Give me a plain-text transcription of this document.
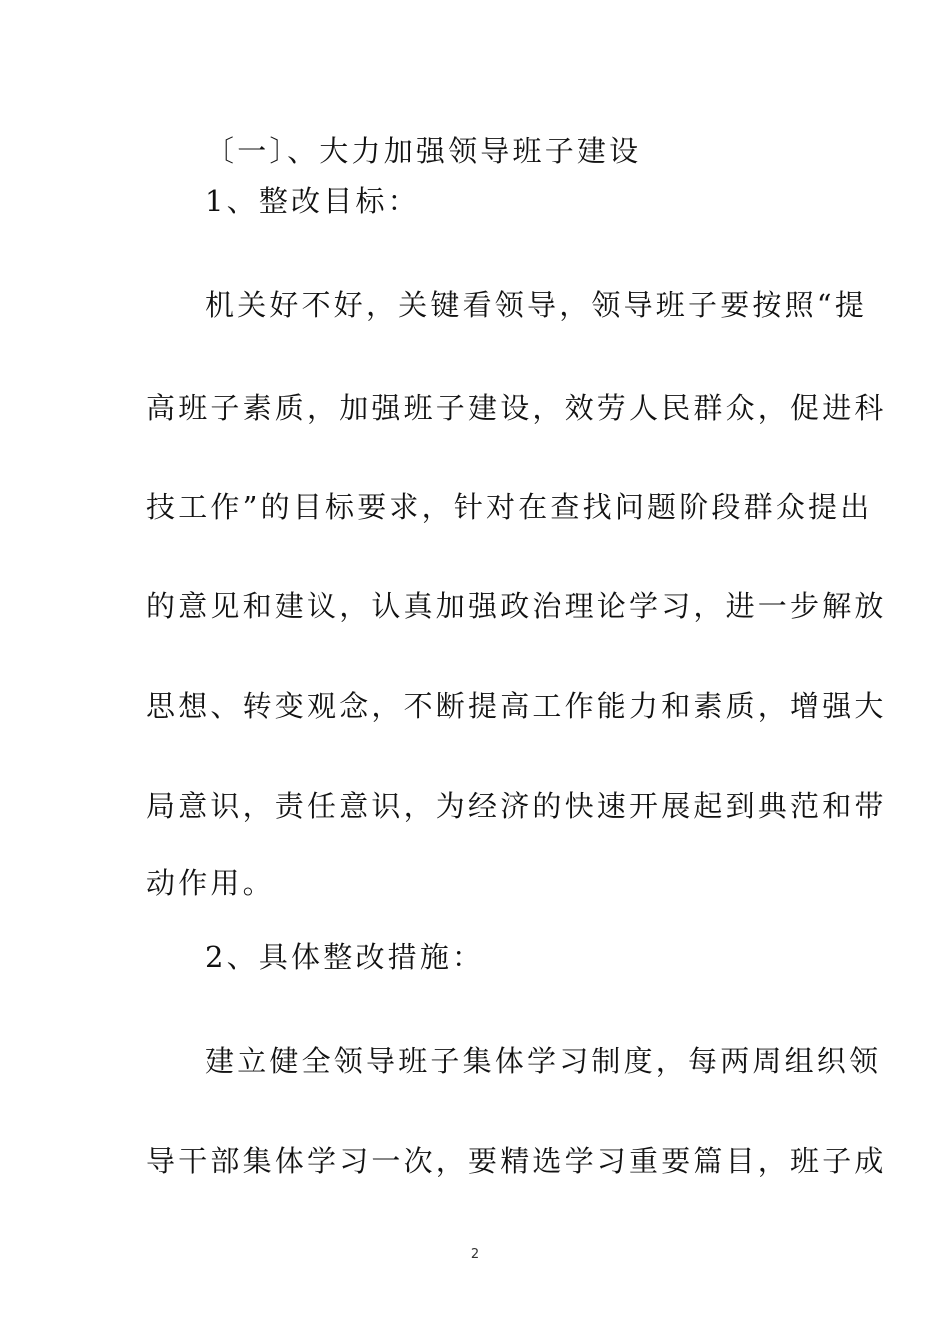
〔一〕、大力加强领导班子建设
1、整改目标：
机关好不好，关键看领导，领导班子要按照“提
高班子素质，加强班子建设，效劳人民群众，促进科
技工作”的目标要求，针对在查找问题阶段群众提出
的意见和建议，认真加强政治理论学习，进一步解放
思想、转变观念，不断提高工作能力和素质，增强大
局意识，责任意识，为经济的快速开展起到典范和带
动作用。
2、具体整改措施：
建立健全领导班子集体学习制度，每两周组织领
导干部集体学习一次，要精选学习重要篇目，班子成
2
